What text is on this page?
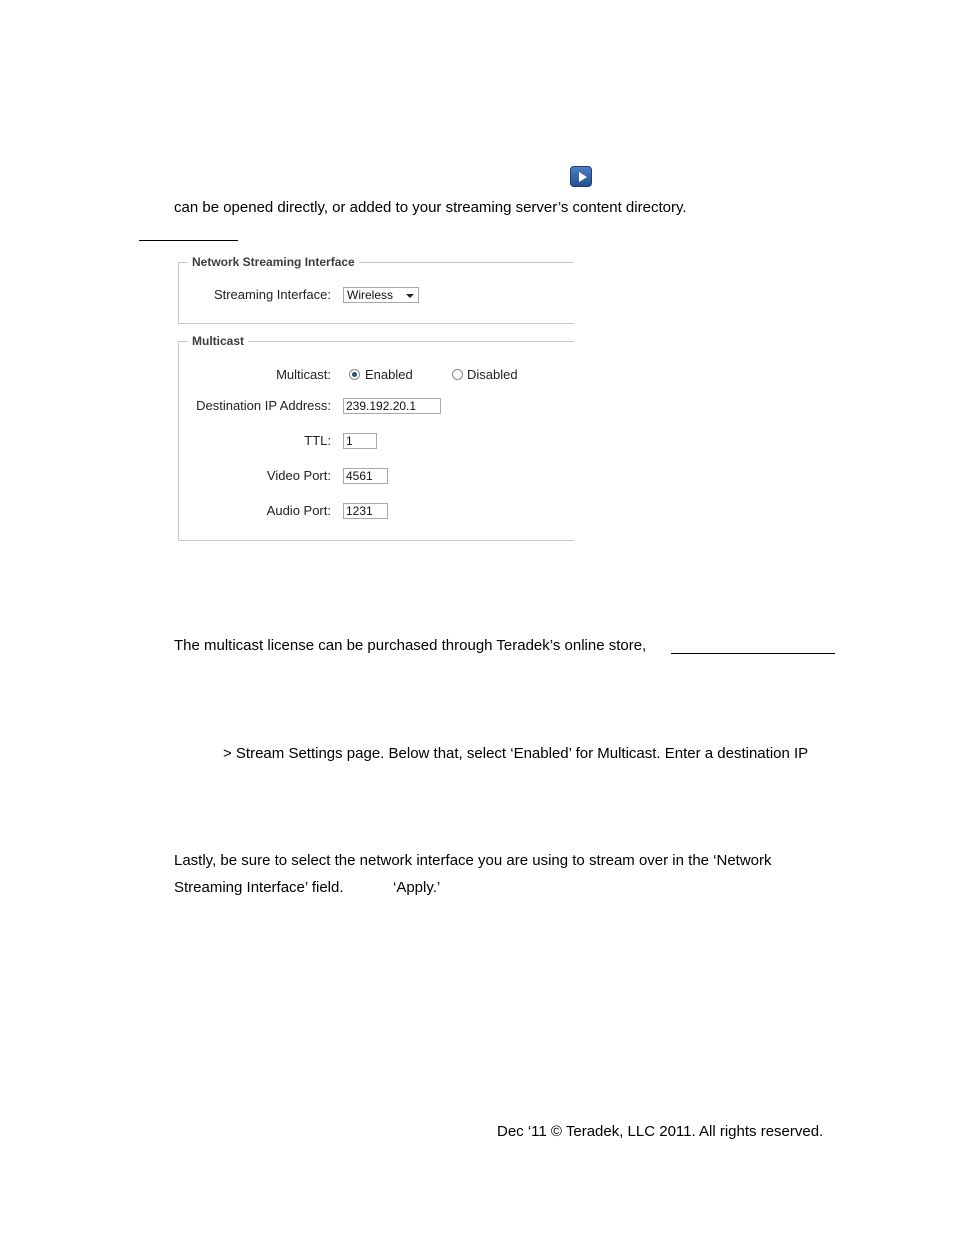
can be opened directly, or added to your streaming server’s content directory.
Network Streaming Interface
Streaming Interface:	Wireless
Multicast
Multicast:	Enabled	Disabled
Destination IP Address: 239.192.20.1
TTL: 1
Video Port: 4561
Audio Port: 1231
The multicast license can be purchased through Teradek’s online store,
> Stream Settings page. Below that, select ‘Enabled’ for Multicast. Enter a destination IP
Lastly, be sure to select the network interface you are using to stream over in the ‘Network
Streaming Interface’ field.	‘Apply.’
Dec ‘11 © Teradek, LLC 2011. All rights reserved.
